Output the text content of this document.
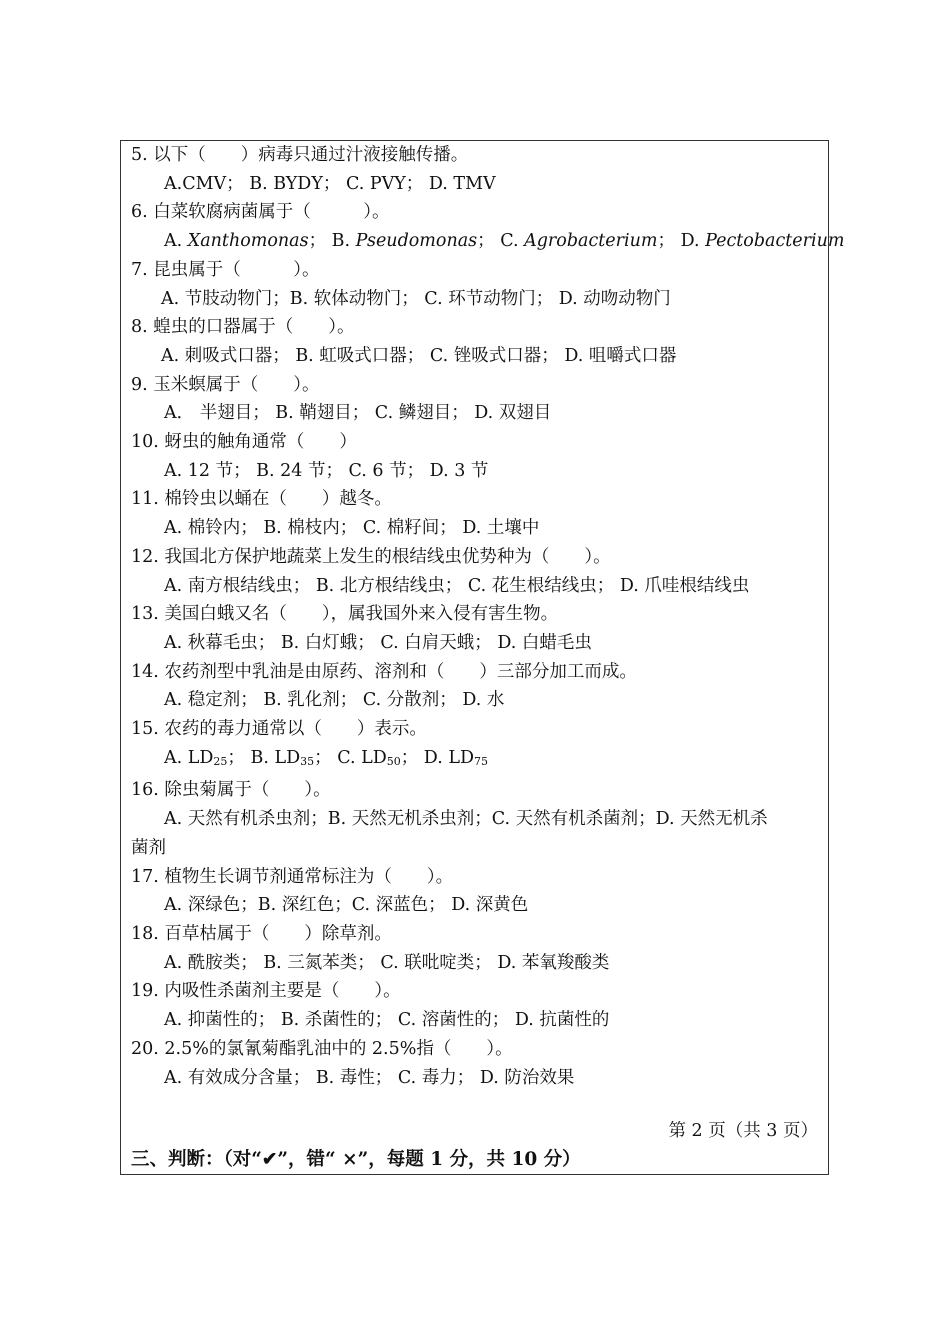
5. 以下（　　）病毒只通过汁液接触传播。
A.CMV； B. BYDY； C. PVY； D. TMV
6. 白菜软腐病菌属于（　　　）。
A. Xanthomonas； B. Pseudomonas； C. Agrobacterium； D. Pectobacterium
7. 昆虫属于（　　　）。
A. 节肢动物门；B. 软体动物门； C. 环节动物门； D. 动吻动物门
8. 蝗虫的口器属于（　　）。
A. 刺吸式口器； B. 虹吸式口器； C. 锉吸式口器； D. 咀嚼式口器
9. 玉米螟属于（　　）。
A． 半翅目； B. 鞘翅目； C. 鳞翅目； D. 双翅目
10. 蚜虫的触角通常（　　）
A. 12 节； B. 24 节； C. 6 节； D. 3 节
11. 棉铃虫以蛹在（　　）越冬。
A. 棉铃内； B. 棉枝内； C. 棉籽间； D. 土壤中
12. 我国北方保护地蔬菜上发生的根结线虫优势种为（　　）。
A. 南方根结线虫； B. 北方根结线虫； C. 花生根结线虫； D. 爪哇根结线虫
13. 美国白蛾又名（　　），属我国外来入侵有害生物。
A. 秋幕毛虫； B. 白灯蛾； C. 白肩天蛾； D. 白蜡毛虫
14. 农药剂型中乳油是由原药、溶剂和（　　）三部分加工而成。
A. 稳定剂； B. 乳化剂； C. 分散剂； D. 水
15. 农药的毒力通常以（　　）表示。
A. LD25； B. LD35； C. LD50； D. LD75
16. 除虫菊属于（　　）。
A. 天然有机杀虫剂；B. 天然无机杀虫剂；C. 天然有机杀菌剂；D. 天然无机杀
菌剂
17. 植物生长调节剂通常标注为（　　）。
A. 深绿色；B. 深红色；C. 深蓝色； D. 深黄色
18. 百草枯属于（　　）除草剂。
A. 酰胺类； B. 三氮苯类； C. 联吡啶类； D. 苯氧羧酸类
19. 内吸性杀菌剂主要是（　　）。
A. 抑菌性的； B. 杀菌性的； C. 溶菌性的； D. 抗菌性的
20. 2.5%的氯氰菊酯乳油中的 2.5%指（　　）。
A. 有效成分含量； B. 毒性； C. 毒力； D. 防治效果
第 2 页（共 3 页）
三、判断：（对“✔”，错“ ×”，每题 1 分，共 10 分）
